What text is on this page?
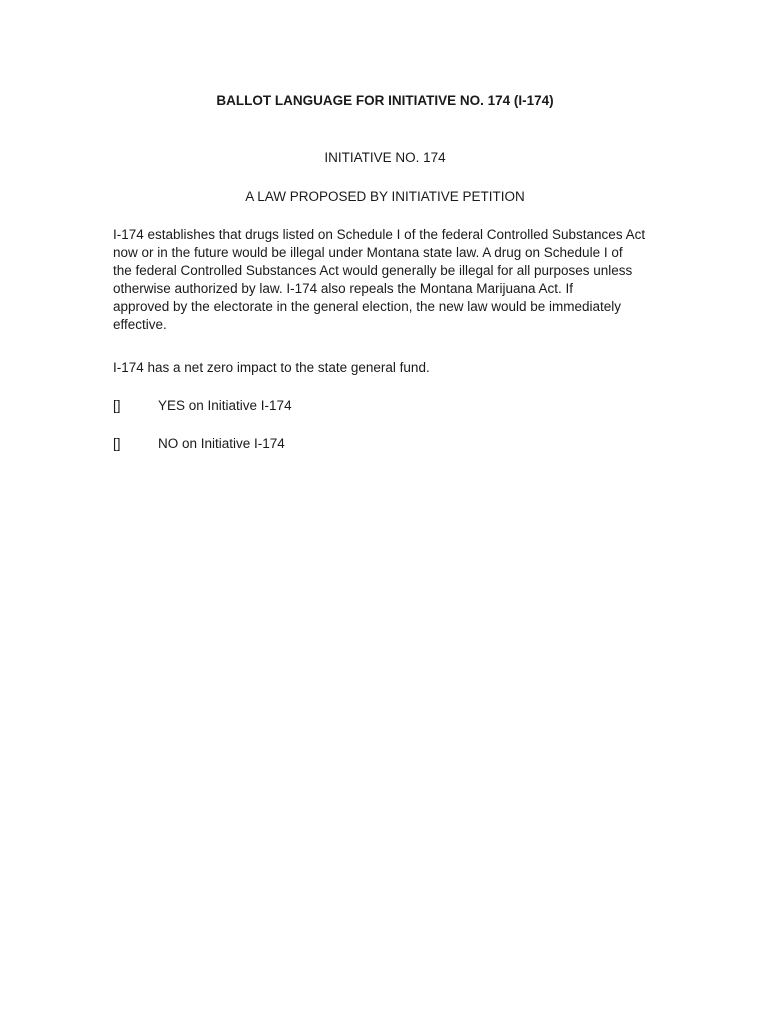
BALLOT LANGUAGE FOR INITIATIVE NO. 174 (I-174)
INITIATIVE NO. 174
A LAW PROPOSED BY INITIATIVE PETITION
I-174 establishes that drugs listed on Schedule I of the federal Controlled Substances Act
now or in the future would be illegal under Montana state law. A drug on Schedule I of
the federal Controlled Substances Act would generally be illegal for all purposes unless
otherwise authorized by law. I-174 also repeals the Montana Marijuana Act. If
approved by the electorate in the general election, the new law would be immediately
effective.
I-174 has a net zero impact to the state general fund.
[]	YES on Initiative I-174
[]	NO on Initiative I-174
